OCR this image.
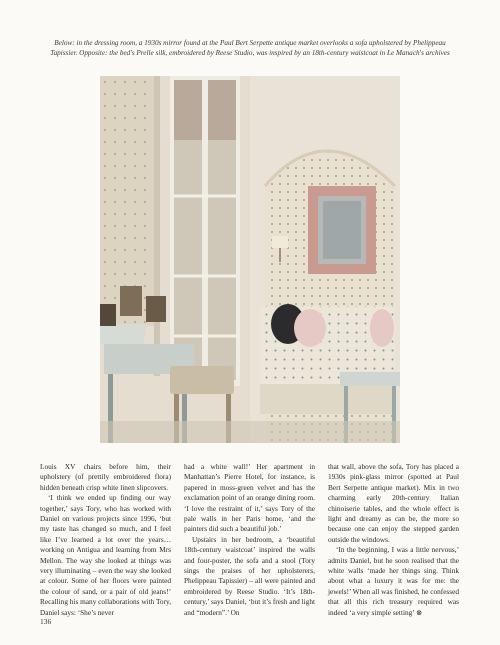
Below: in the dressing room, a 1930s mirror found at the Paul Bert Serpette antique market overlooks a sofa upholstered by Phelippeau Tapissier. Opposite: the bed's Prelle silk, embroidered by Reese Studio, was inspired by an 18th-century waistcoat in Le Manach's archives

Louis XV chairs before him, their upholstery (of prettily embroidered flora) hidden beneath crisp white linen slipcovers.

‘I think we ended up finding our way together,’ says Tory, who has worked with Daniel on various projects since 1996, ‘but my taste has changed so much, and I feel like I’ve learned a lot over the years… working on Antigua and learning from Mrs Mellon. The way she looked at things was very illuminating – even the way she looked at colour. Some of her floors were painted the colour of sand, or a pair of old jeans!’ Recalling his many collaborations with Tory, Daniel says: ‘She’s never

had a white wall!’ Her apartment in Manhattan’s Pierre Hotel, for instance, is papered in moss-green velvet and has the exclamation point of an orange dining room. ‘I love the restraint of it,’ says Tory of the pale walls in her Paris home, ‘and the painters did such a beautiful job.’

Upstairs in her bedroom, a ‘beautiful 18th-century waistcoat’ inspired the walls and four-poster, the sofa and a stool (Tory sings the praises of her upholsterers, Phelippeau Tapissier) – all were painted and embroidered by Reese Studio. ‘It’s 18th-century,’ says Daniel, ‘but it’s fresh and light and “modern”.’ On

that wall, above the sofa, Tory has placed a 1930s pink-glass mirror (spotted at Paul Bert Serpette antique market). Mix in two charming early 20th-century Italian chinoiserie tables, and the whole effect is light and dreamy as can be, the more so because one can enjoy the stepped garden outside the windows.

‘In the beginning, I was a little nervous,’ admits Daniel, but he soon realised that the white walls ‘made her things sing. Think about what a luxury it was for me: the jewels!’ When all was finished, he confessed that all this rich treasury required was indeed ‘a very simple setting’ ⊗

136
